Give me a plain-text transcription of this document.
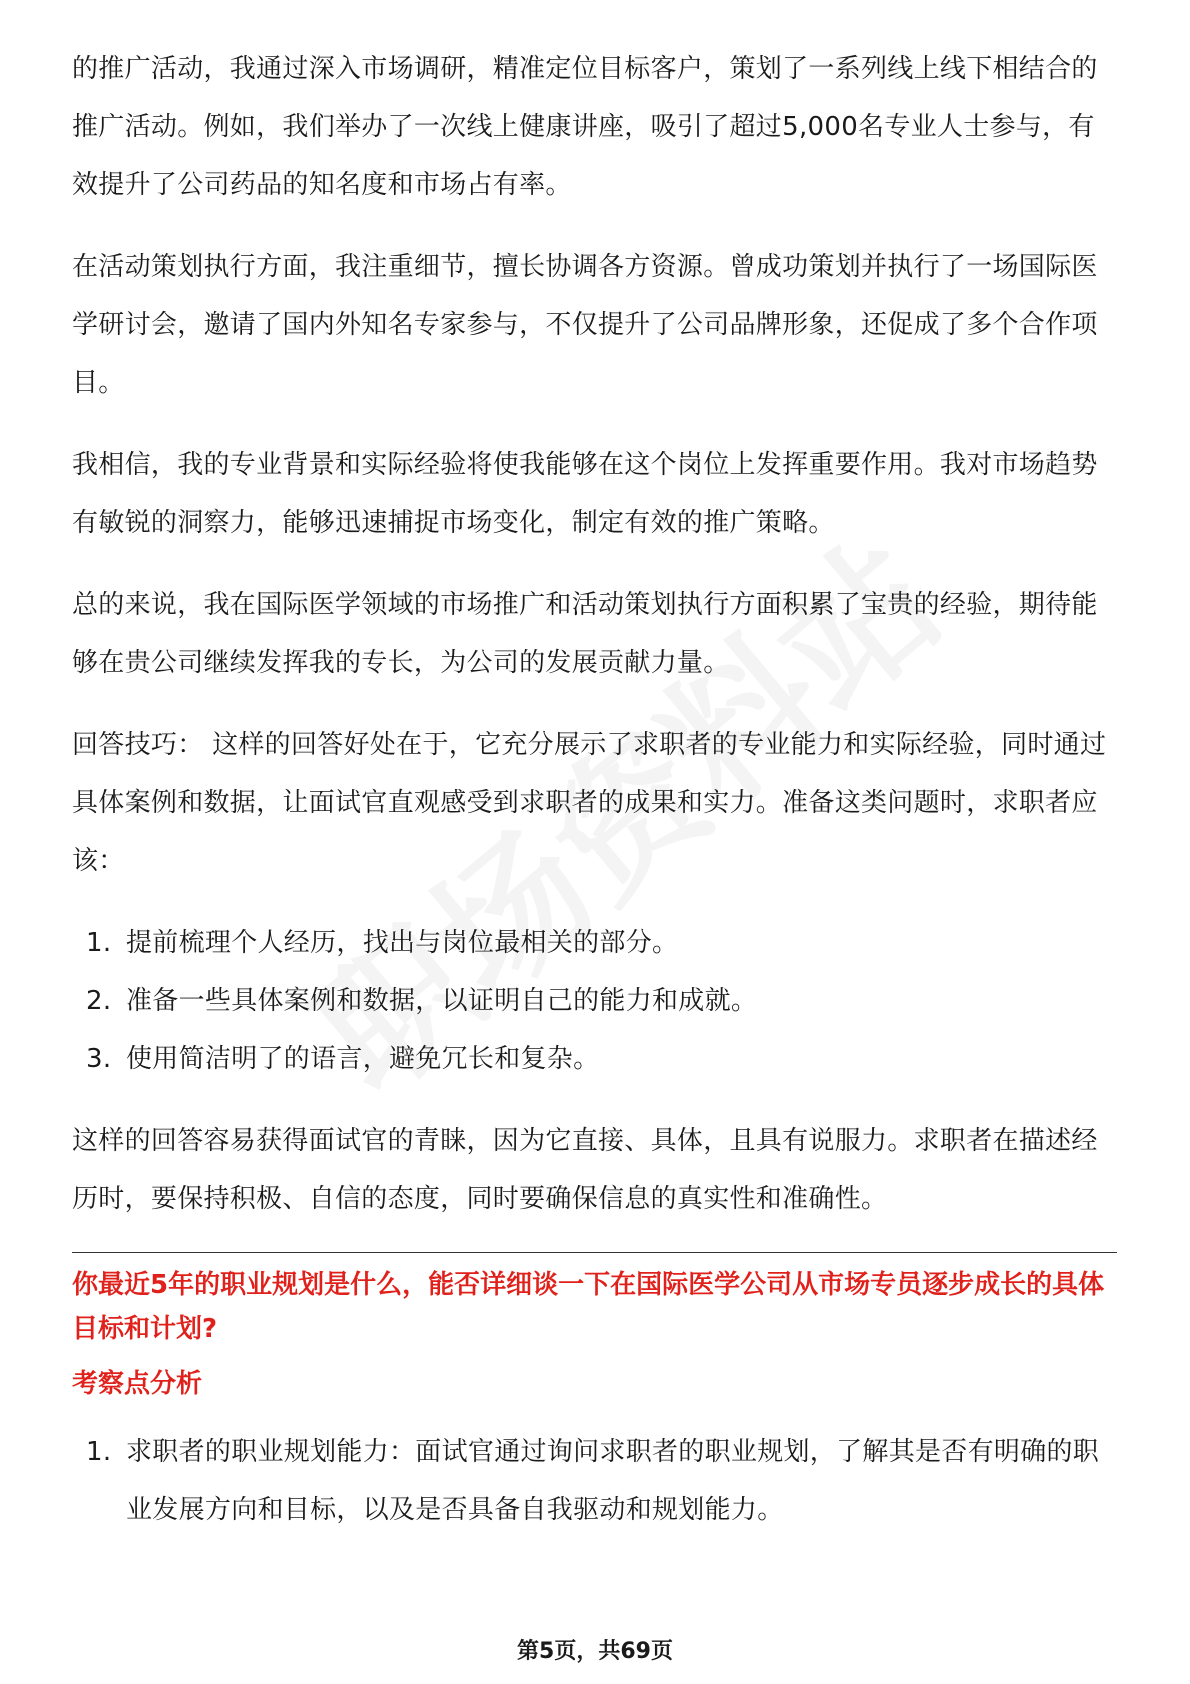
的推广活动，我通过深入市场调研，精准定位目标客户，策划了一系列线上线下相结合的推广活动。例如，我们举办了一次线上健康讲座，吸引了超过5,000名专业人士参与，有效提升了公司药品的知名度和市场占有率。

在活动策划执行方面，我注重细节，擅长协调各方资源。曾成功策划并执行了一场国际医学研讨会，邀请了国内外知名专家参与，不仅提升了公司品牌形象，还促成了多个合作项目。

我相信，我的专业背景和实际经验将使我能够在这个岗位上发挥重要作用。我对市场趋势有敏锐的洞察力，能够迅速捕捉市场变化，制定有效的推广策略。

总的来说，我在国际医学领域的市场推广和活动策划执行方面积累了宝贵的经验，期待能够在贵公司继续发挥我的专长，为公司的发展贡献力量。

回答技巧： 这样的回答好处在于，它充分展示了求职者的专业能力和实际经验，同时通过具体案例和数据，让面试官直观感受到求职者的成果和实力。准备这类问题时，求职者应该：

1. 提前梳理个人经历，找出与岗位最相关的部分。
2. 准备一些具体案例和数据，以证明自己的能力和成就。
3. 使用简洁明了的语言，避免冗长和复杂。

这样的回答容易获得面试官的青睐，因为它直接、具体，且具有说服力。求职者在描述经历时，要保持积极、自信的态度，同时要确保信息的真实性和准确性。

你最近5年的职业规划是什么，能否详细谈一下在国际医学公司从市场专员逐步成长的具体目标和计划?
考察点分析
1. 求职者的职业规划能力：面试官通过询问求职者的职业规划，了解其是否有明确的职业发展方向和目标，以及是否具备自我驱动和规划能力。
第5页，共69页
